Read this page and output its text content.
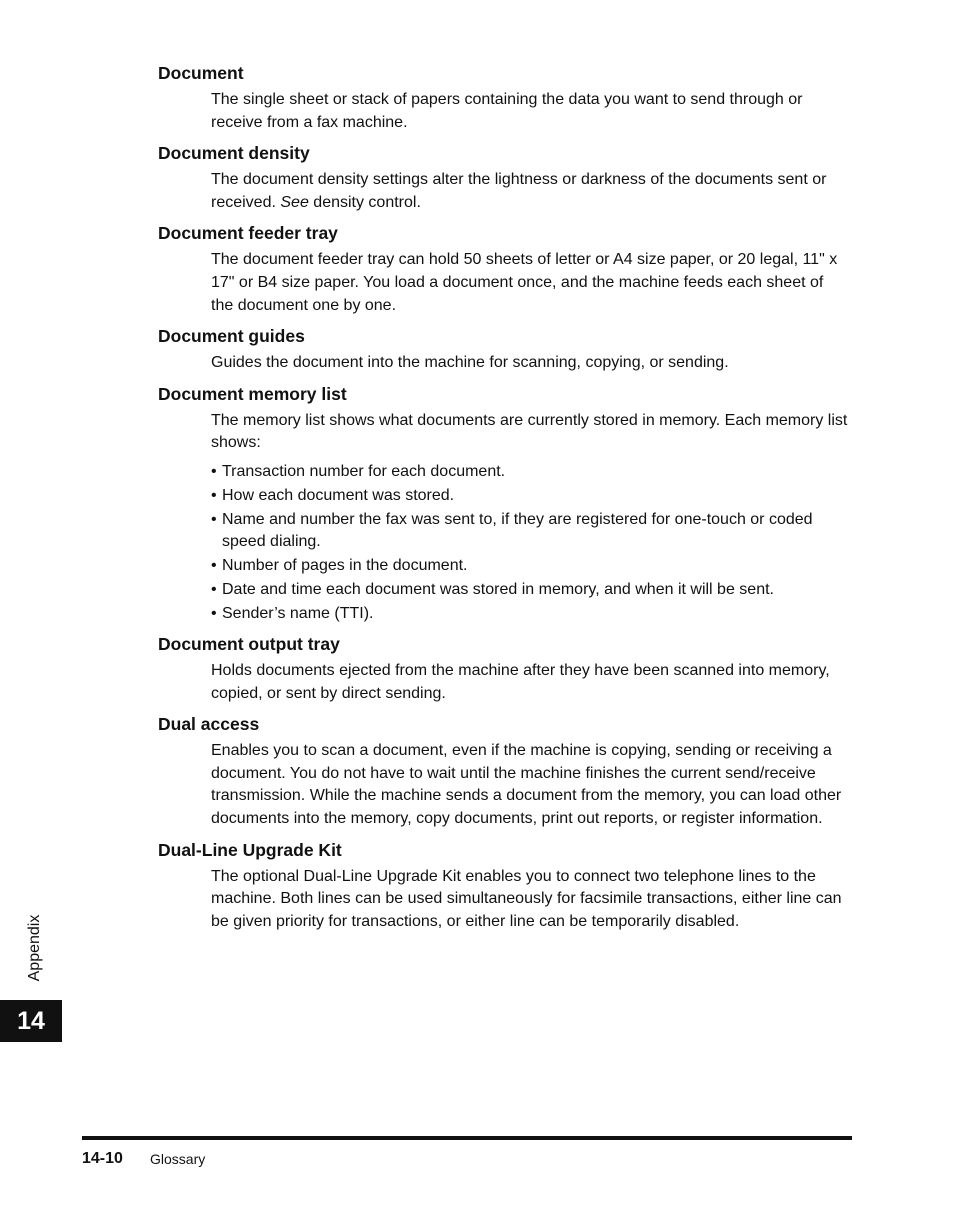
Document

The single sheet or stack of papers containing the data you want to send through or receive from a fax machine.

Document density

The document density settings alter the lightness or darkness of the documents sent or received. See density control.

Document feeder tray

The document feeder tray can hold 50 sheets of letter or A4 size paper, or 20 legal, 11" x 17" or B4 size paper. You load a document once, and the machine feeds each sheet of the document one by one.

Document guides

Guides the document into the machine for scanning, copying, or sending.

Document memory list

The memory list shows what documents are currently stored in memory. Each memory list shows:

• Transaction number for each document.
• How each document was stored.
• Name and number the fax was sent to, if they are registered for one-touch or coded speed dialing.
• Number of pages in the document.
• Date and time each document was stored in memory, and when it will be sent.
• Sender’s name (TTI).
Document output tray

Holds documents ejected from the machine after they have been scanned into memory, copied, or sent by direct sending.

Dual access

Enables you to scan a document, even if the machine is copying, sending or receiving a document. You do not have to wait until the machine finishes the current send/receive transmission. While the machine sends a document from the memory, you can load other documents into the memory, copy documents, print out reports, or register information.

Dual-Line Upgrade Kit

The optional Dual-Line Upgrade Kit enables you to connect two telephone lines to the machine. Both lines can be used simultaneously for facsimile transactions, either line can be given priority for transactions, or either line can be temporarily disabled.

Appendix
14
14-10 Glossary
